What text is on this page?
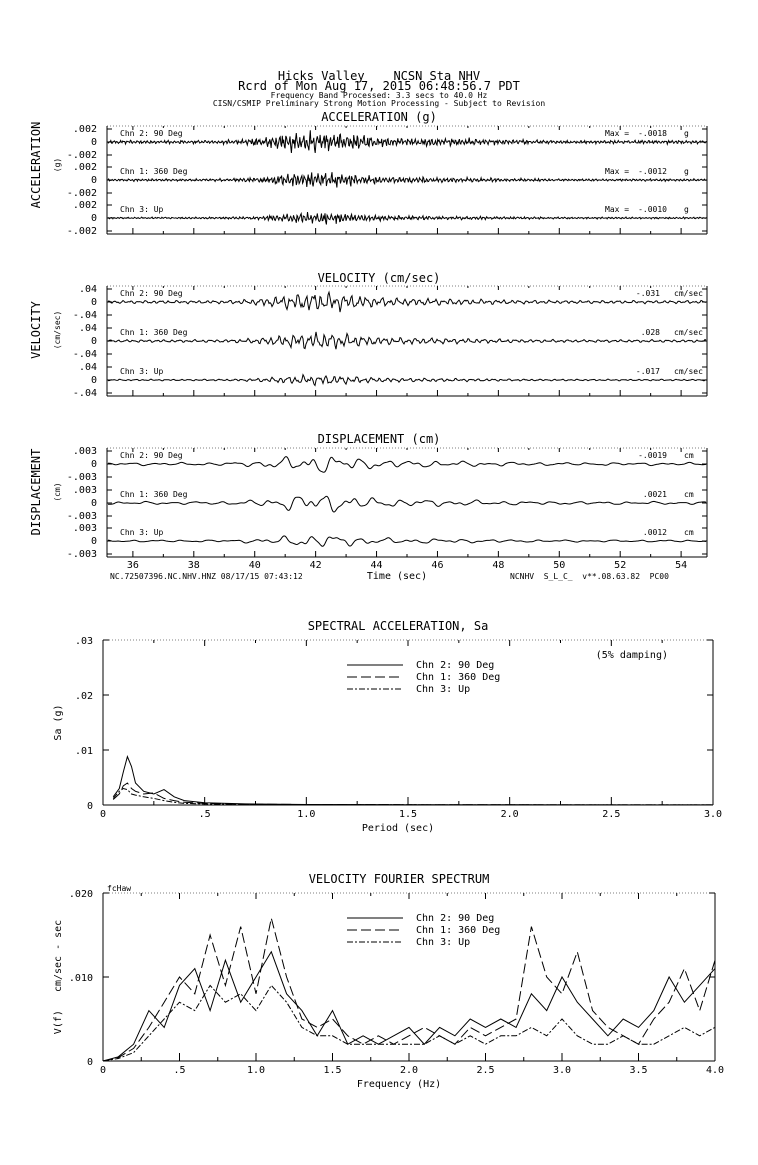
Hicks Valley    NCSN Sta NHV
Rcrd of Mon Aug 17, 2015 06:48:56.7 PDT
Frequency Band Processed: 3.3 secs to 40.0 Hz
CISN/CSMIP Preliminary Strong Motion Processing - Subject to Revision
NC.72507396.NC.NHV.HNZ 08/17/15 07:43:12	NCNHV  S_L_C_  v**.08.63.82  PC00
ACCELERATION (g)
ACCELERATION (g)
.002
0
-.002
Chn 2: 90 Deg	Max = -.0018 g
.002
0
-.002
Chn 1: 360 Deg	Max = -.0012 g
.002
0
-.002
Chn 3: Up	Max = -.0010 g
VELOCITY (cm/sec)
VELOCITY (cm/sec)
.04
0
-.04
Chn 2: 90 Deg	-.031 cm/sec
.04
0
-.04
Chn 1: 360 Deg	.028 cm/sec
.04
0
-.04
Chn 3: Up	-.017 cm/sec
DISPLACEMENT (cm)
DISPLACEMENT (cm)
.003
0
-.003
Chn 2: 90 Deg	-.0019 cm
.003
0
-.003
Chn 1: 360 Deg	.0021 cm
.003
0
-.003
Chn 3: Up	.0012 cm
36	38	40	42	44	46	48	50	52	54
Time (sec)
SPECTRAL ACCELERATION, Sa
0	.5	1.0	1.5	2.0	2.5	3.0
0
.01
.02
.03
Period (sec)
Sa (g)
(5% damping)
Chn 2: 90 Deg
Chn 1: 360 Deg
Chn 3: Up
VELOCITY FOURIER SPECTRUM
0	.5	1.0	1.5	2.0	2.5	3.0	3.5	4.0
0
.010
.020
Frequency (Hz)
V(f)   cm/sec - sec
fcHaw
Chn 2: 90 Deg
Chn 1: 360 Deg
Chn 3: Up
